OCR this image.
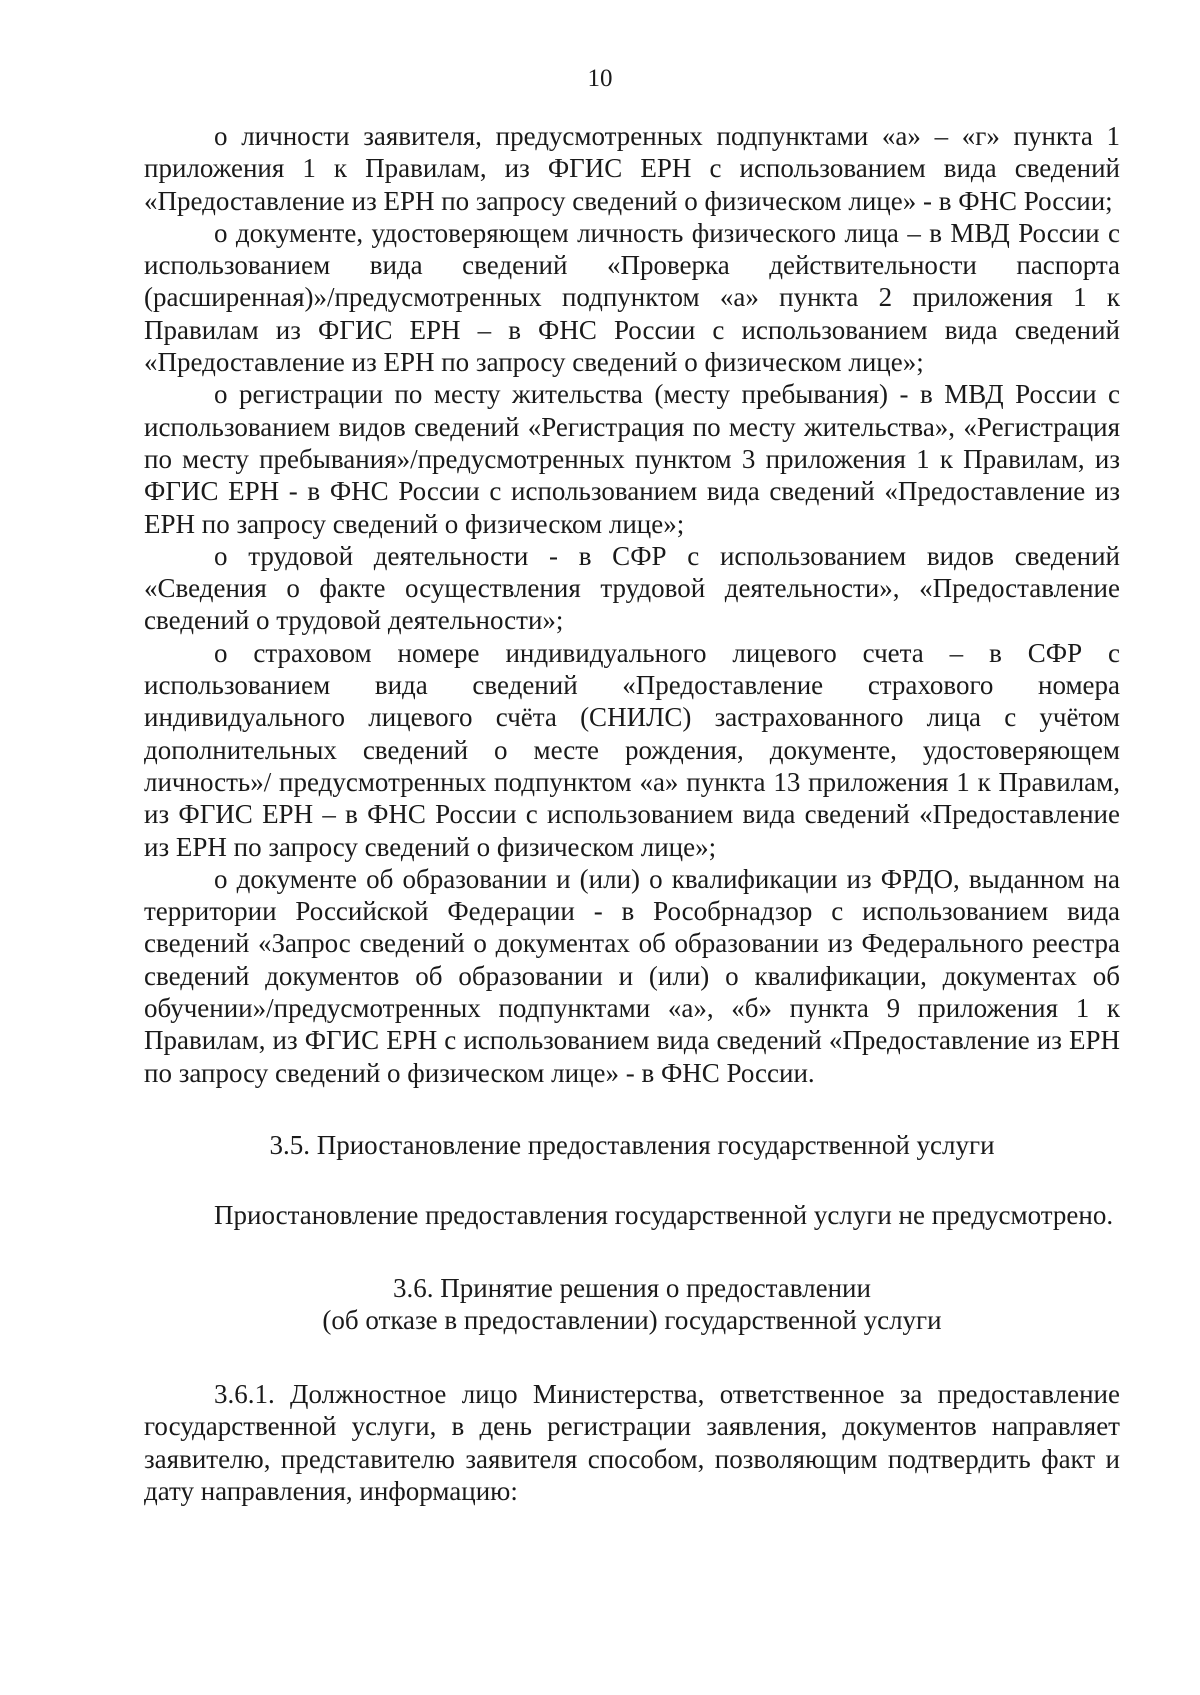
10

о личности заявителя, предусмотренных подпунктами «а» – «г» пункта 1 приложения 1 к Правилам, из ФГИС ЕРН с использованием вида сведений «Предоставление из ЕРН по запросу сведений о физическом лице» - в ФНС России;

о документе, удостоверяющем личность физического лица – в МВД России с использованием вида сведений «Проверка действительности паспорта (расширенная)»/предусмотренных подпунктом «а» пункта 2 приложения 1 к Правилам из ФГИС ЕРН – в ФНС России с использованием вида сведений «Предоставление из ЕРН по запросу сведений о физическом лице»;

о регистрации по месту жительства (месту пребывания) - в МВД России с использованием видов сведений «Регистрация по месту жительства», «Регистрация по месту пребывания»/предусмотренных пунктом 3 приложения 1 к Правилам, из ФГИС ЕРН - в ФНС России с использованием вида сведений «Предоставление из ЕРН по запросу сведений о физическом лице»;

о трудовой деятельности - в СФР с использованием видов сведений «Сведения о факте осуществления трудовой деятельности», «Предоставление сведений о трудовой деятельности»;

о страховом номере индивидуального лицевого счета – в СФР с использованием вида сведений «Предоставление страхового номера индивидуального лицевого счёта (СНИЛС) застрахованного лица с учётом дополнительных сведений о месте рождения, документе, удостоверяющем личность»/ предусмотренных подпунктом «а» пункта 13 приложения 1 к Правилам, из ФГИС ЕРН – в ФНС России с использованием вида сведений «Предоставление из ЕРН по запросу сведений о физическом лице»;

о документе об образовании и (или) о квалификации из ФРДО, выданном на территории Российской Федерации - в Рособрнадзор с использованием вида сведений «Запрос сведений о документах об образовании из Федерального реестра сведений документов об образовании и (или) о квалификации, документах об обучении»/предусмотренных подпунктами «а», «б» пункта 9 приложения 1 к Правилам, из ФГИС ЕРН с использованием вида сведений «Предоставление из ЕРН по запросу сведений о физическом лице» - в ФНС России.

3.5. Приостановление предоставления государственной услуги

Приостановление предоставления государственной услуги не предусмотрено.

3.6. Принятие решения о предоставлении

(об отказе в предоставлении) государственной услуги

3.6.1. Должностное лицо Министерства, ответственное за предоставление государственной услуги, в день регистрации заявления, документов направляет заявителю, представителю заявителя способом, позволяющим подтвердить факт и дату направления, информацию:
